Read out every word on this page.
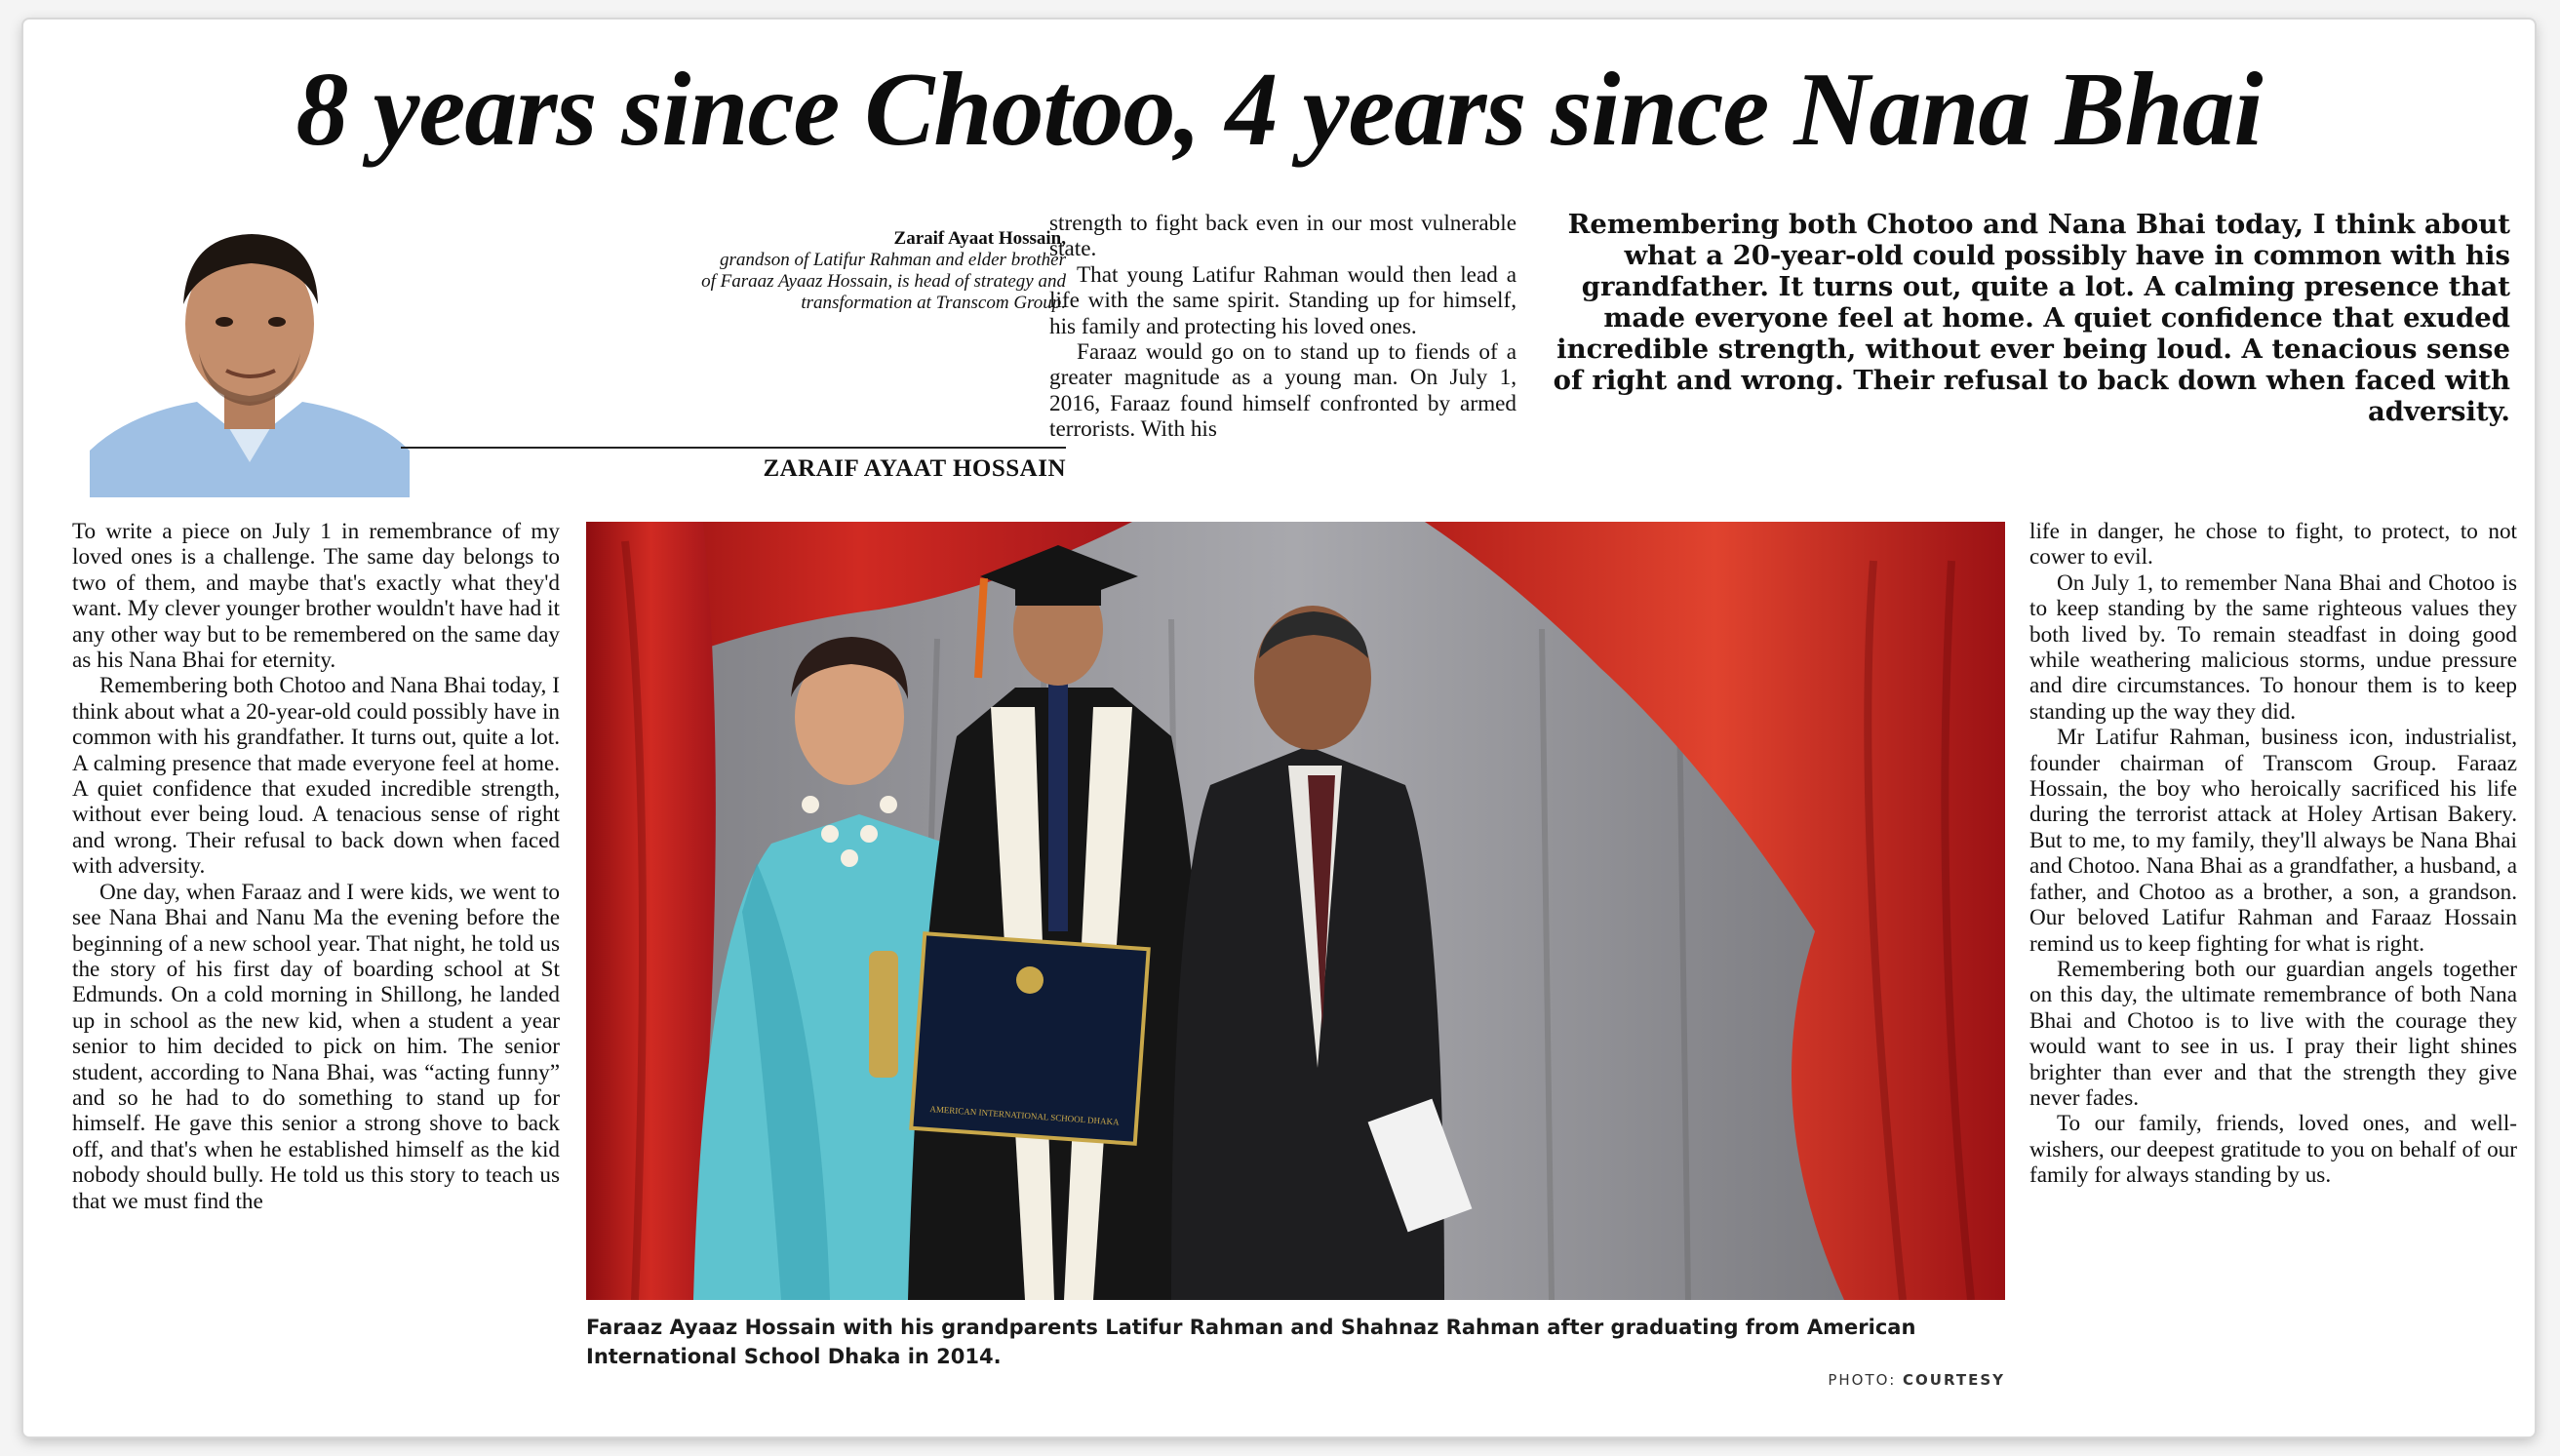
8 years since Chotoo, 4 years since Nana Bhai
Zaraif Ayaat Hossain,
grandson of Latifur Rahman and elder brother
of Faraaz Ayaaz Hossain, is head of strategy and
transformation at Transcom Group.
ZARAIF AYAAT HOSSAIN

strength to fight back even in our most vulnerable state.

That young Latifur Rahman would then lead a life with the same spirit. Standing up for himself, his family and protecting his loved ones.

Faraaz would go on to stand up to fiends of a greater magnitude as a young man. On July 1, 2016, Faraaz found himself confronted by armed terrorists. With his

Remembering both Chotoo and Nana Bhai today, I think about what a 20-year-old could possibly have in common with his grandfather. It turns out, quite a lot. A calming presence that made everyone feel at home. A quiet confidence that exuded incredible strength, without ever being loud. A tenacious sense of right and wrong. Their refusal to back down when faced with adversity.

To write a piece on July 1 in remembrance of my loved ones is a challenge. The same day belongs to two of them, and maybe that's exactly what they'd want. My clever younger brother wouldn't have had it any other way but to be remembered on the same day as his Nana Bhai for eternity.

Remembering both Chotoo and Nana Bhai today, I think about what a 20-year-old could possibly have in common with his grandfather. It turns out, quite a lot. A calming presence that made everyone feel at home. A quiet confidence that exuded incredible strength, without ever being loud. A tenacious sense of right and wrong. Their refusal to back down when faced with adversity.

One day, when Faraaz and I were kids, we went to see Nana Bhai and Nanu Ma the evening before the beginning of a new school year. That night, he told us the story of his first day of boarding school at St Edmunds. On a cold morning in Shillong, he landed up in school as the new kid, when a student a year senior to him decided to pick on him. The senior student, according to Nana Bhai, was “acting funny” and so he had to do something to stand up for himself. He gave this senior a strong shove to back off, and that's when he established himself as the kid nobody should bully. He told us this story to teach us that we must find the

AMERICAN INTERNATIONAL SCHOOL DHAKA
Faraaz Ayaaz Hossain with his grandparents Latifur Rahman and Shahnaz Rahman after graduating from American International School Dhaka in 2014.
PHOTO: COURTESY

life in danger, he chose to fight, to protect, to not cower to evil.

On July 1, to remember Nana Bhai and Chotoo is to keep standing by the same righteous values they both lived by. To remain steadfast in doing good while weathering malicious storms, undue pressure and dire circumstances. To honour them is to keep standing up the way they did.

Mr Latifur Rahman, business icon, industrialist, founder chairman of Transcom Group. Faraaz Hossain, the boy who heroically sacrificed his life during the terrorist attack at Holey Artisan Bakery. But to me, to my family, they'll always be Nana Bhai and Chotoo. Nana Bhai as a grandfather, a husband, a father, and Chotoo as a brother, a son, a grandson. Our beloved Latifur Rahman and Faraaz Hossain remind us to keep fighting for what is right.

Remembering both our guardian angels together on this day, the ultimate remembrance of both Nana Bhai and Chotoo is to live with the courage they would want to see in us. I pray their light shines brighter than ever and that the strength they give never fades.

To our family, friends, loved ones, and well-wishers, our deepest gratitude to you on behalf of our family for always standing by us.
